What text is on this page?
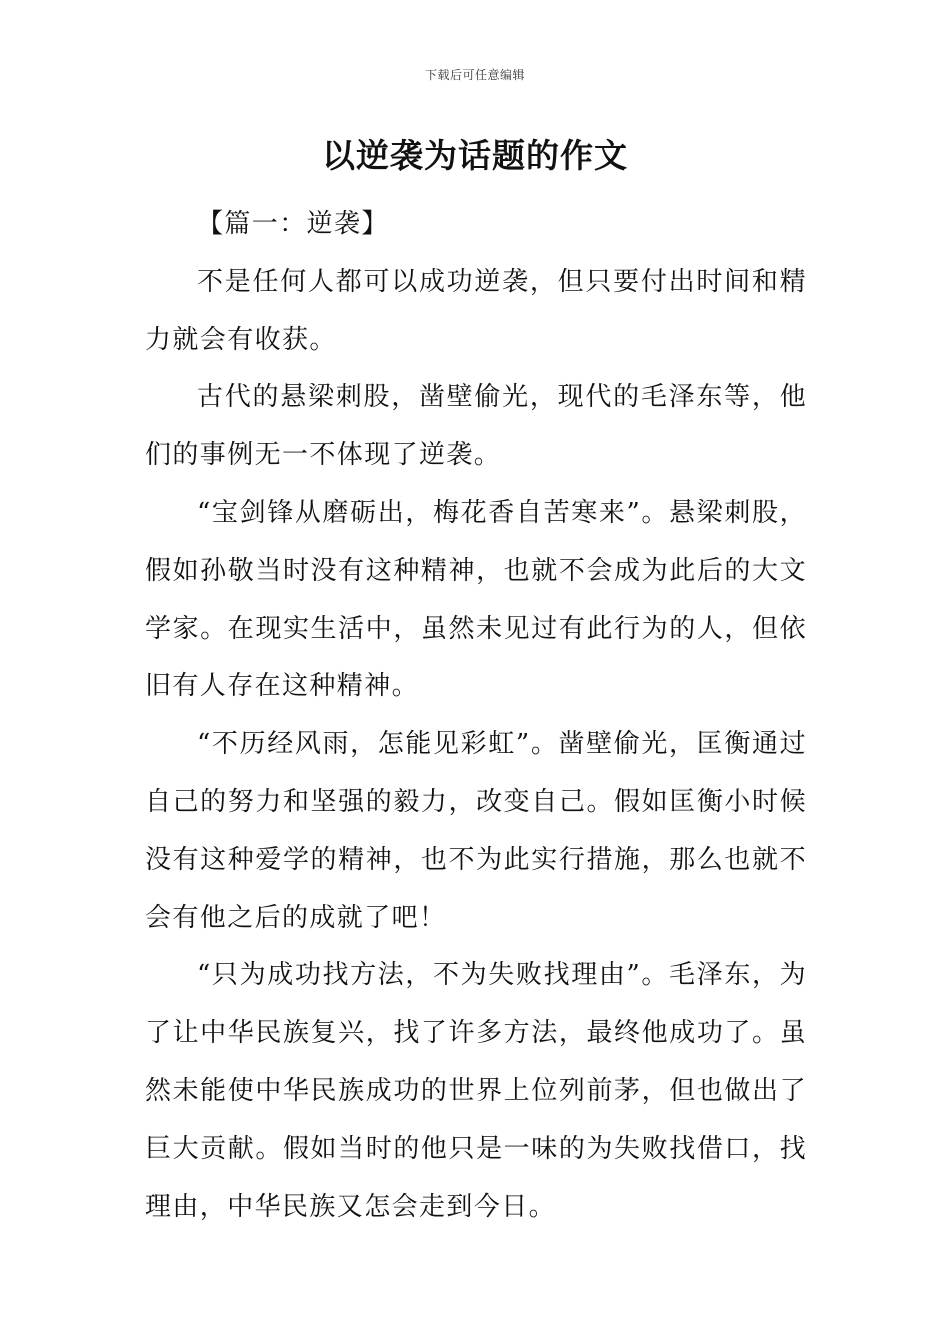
下载后可任意编辑
以逆袭为话题的作文

【篇一：逆袭】

不是任何人都可以成功逆袭，但只要付出时间和精力就会有收获。

古代的悬梁刺股，凿壁偷光，现代的毛泽东等，他们的事例无一不体现了逆袭。

“宝剑锋从磨砺出，梅花香自苦寒来”。悬梁刺股，假如孙敬当时没有这种精神，也就不会成为此后的大文学家。在现实生活中，虽然未见过有此行为的人，但依旧有人存在这种精神。

“不历经风雨，怎能见彩虹”。凿壁偷光，匡衡通过自己的努力和坚强的毅力，改变自己。假如匡衡小时候没有这种爱学的精神，也不为此实行措施，那么也就不会有他之后的成就了吧！

“只为成功找方法，不为失败找理由”。毛泽东，为了让中华民族复兴，找了许多方法，最终他成功了。虽然未能使中华民族成功的世界上位列前茅，但也做出了巨大贡献。假如当时的他只是一味的为失败找借口，找理由，中华民族又怎会走到今日。
